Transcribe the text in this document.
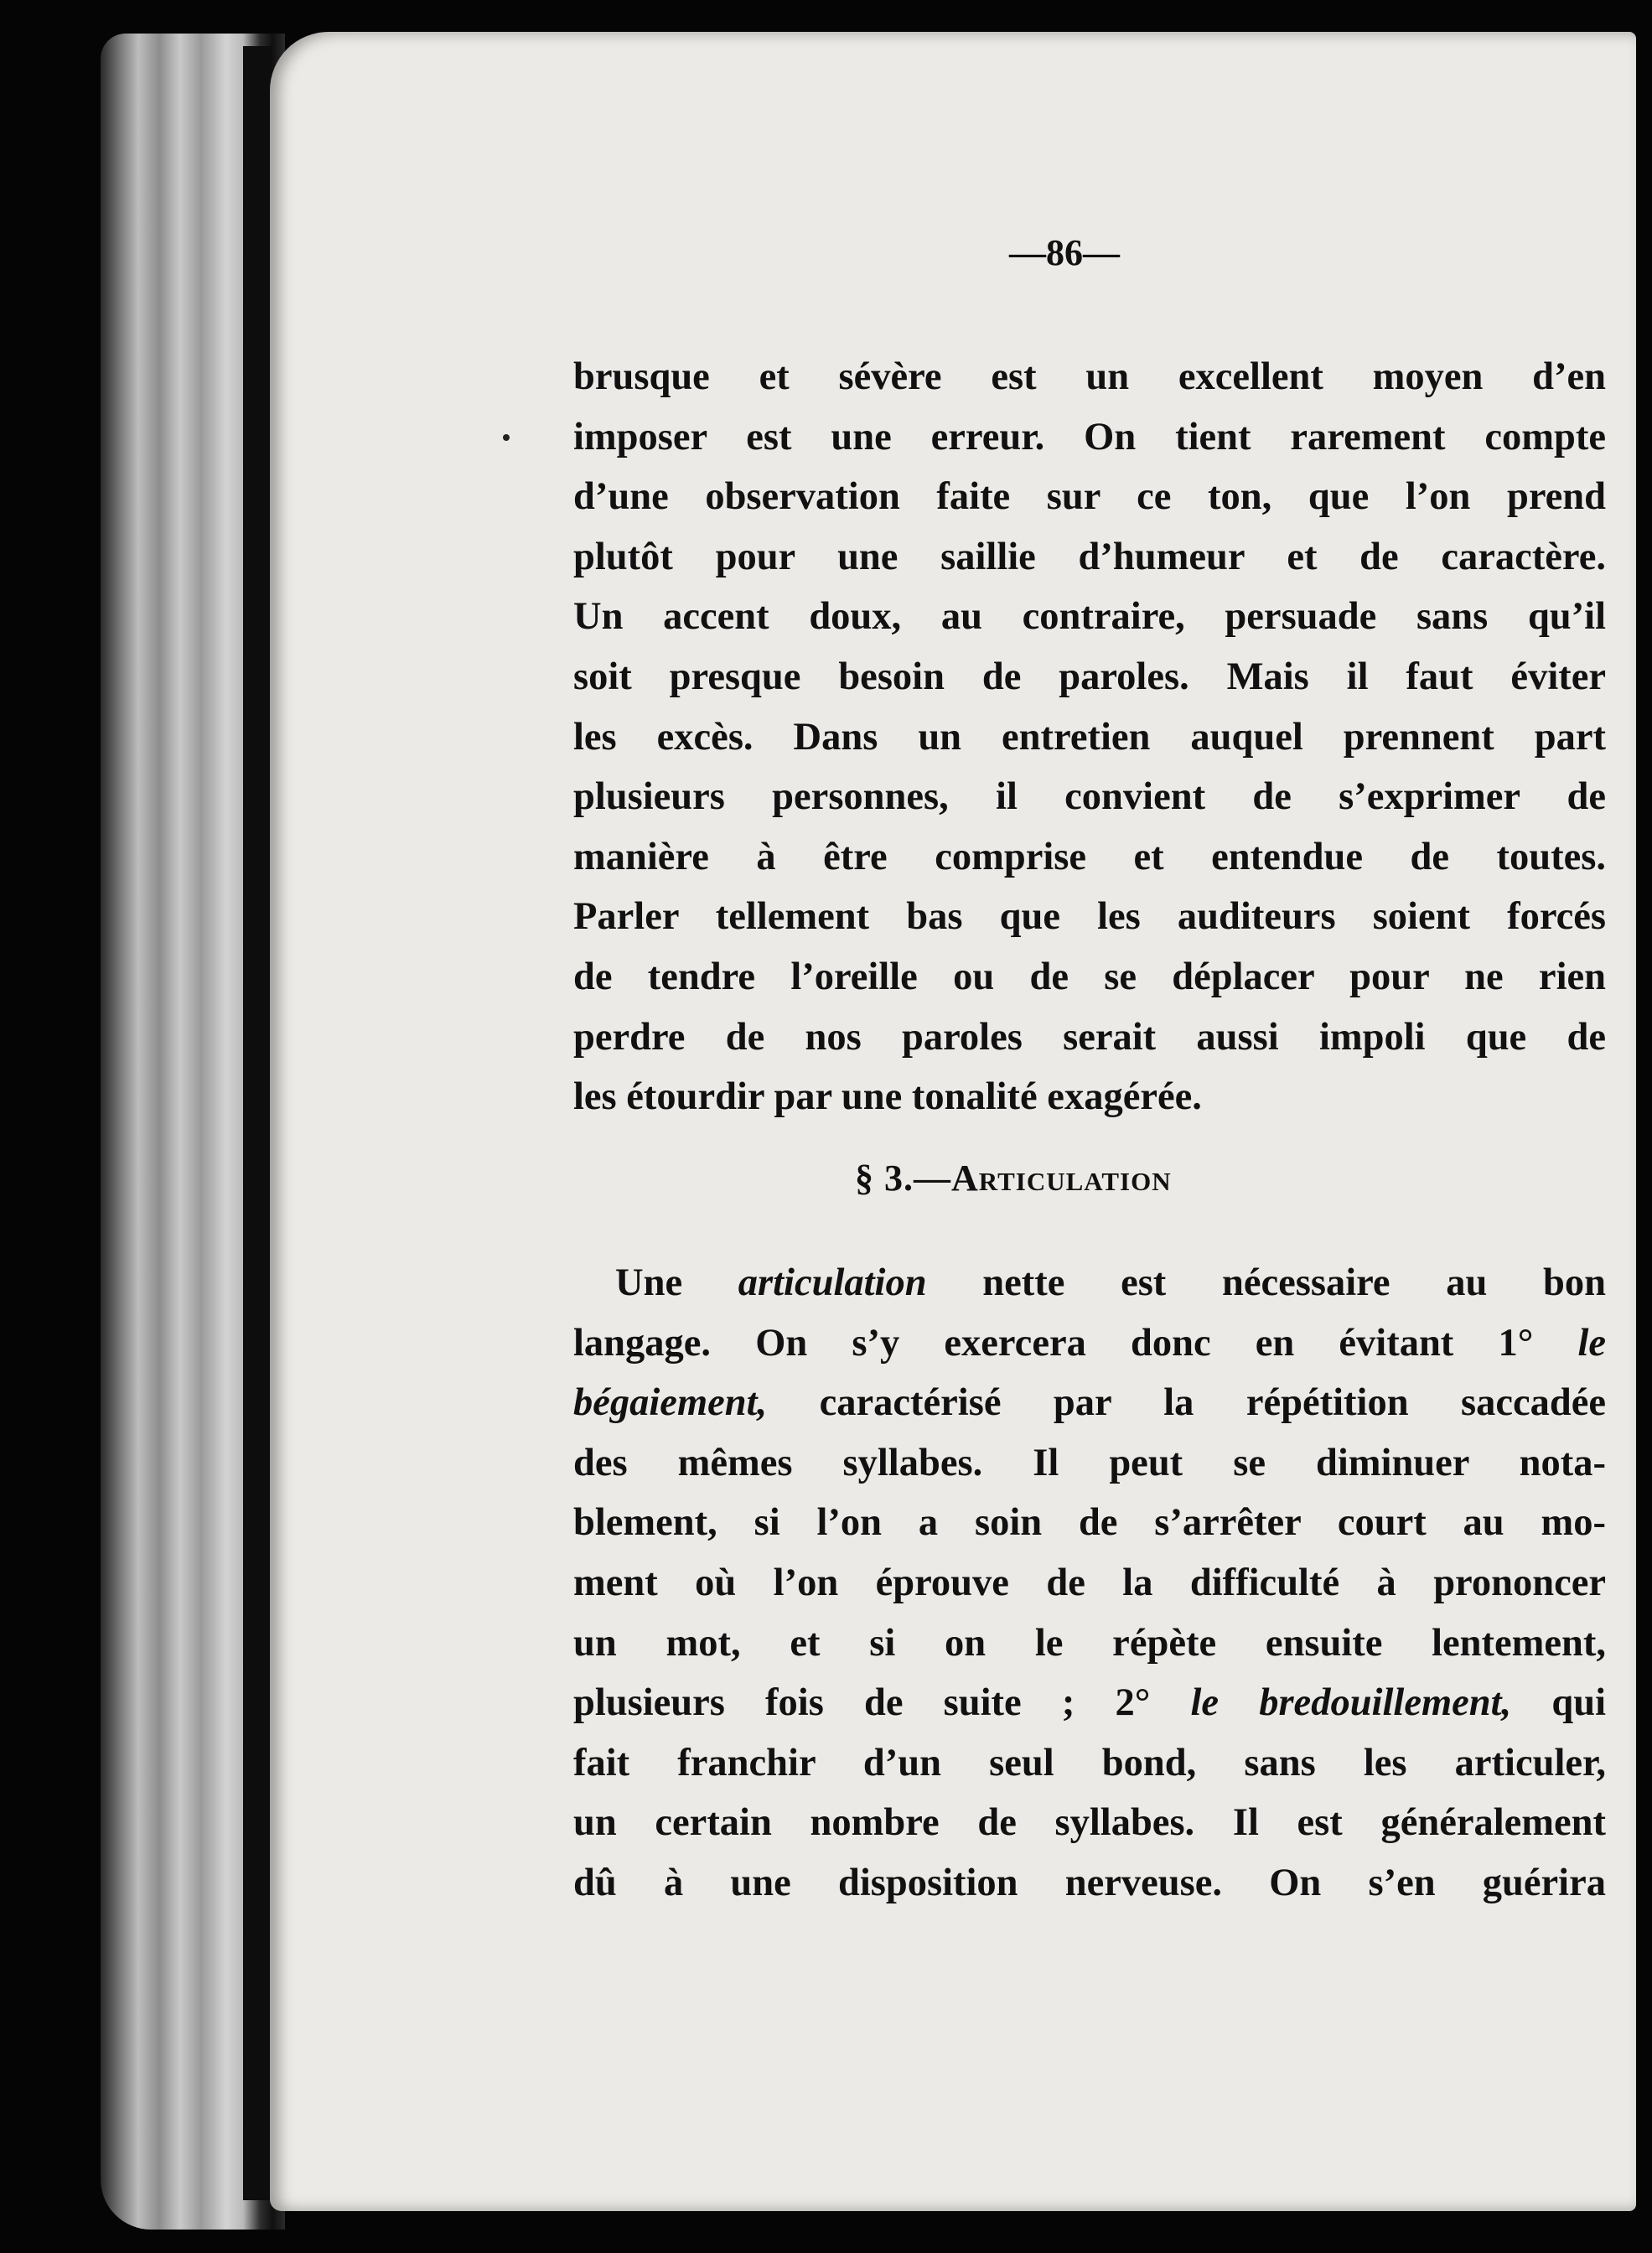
—86—
brusque et sévère est un excellent moyen d’en
imposer est une erreur. On tient rarement compte
d’une observation faite sur ce ton, que l’on prend
plutôt pour une saillie d’humeur et de caractère.
Un accent doux, au contraire, persuade sans qu’il
soit presque besoin de paroles. Mais il faut éviter
les excès. Dans un entretien auquel prennent part
plusieurs personnes, il convient de s’exprimer de
manière à être comprise et entendue de toutes.
Parler tellement bas que les auditeurs soient forcés
de tendre l’oreille ou de se déplacer pour ne rien
perdre de nos paroles serait aussi impoli que de
les étourdir par une tonalité exagérée.
§ 3.—Articulation
Une articulation nette est nécessaire au bon
langage. On s’y exercera donc en évitant 1° le
bégaiement, caractérisé par la répétition saccadée
des mêmes syllabes. Il peut se diminuer nota-
blement, si l’on a soin de s’arrêter court au mo-
ment où l’on éprouve de la difficulté à prononcer
un mot, et si on le répète ensuite lentement,
plusieurs fois de suite ; 2° le bredouillement, qui
fait franchir d’un seul bond, sans les articuler,
un certain nombre de syllabes. Il est généralement
dû à une disposition nerveuse. On s’en guérira
